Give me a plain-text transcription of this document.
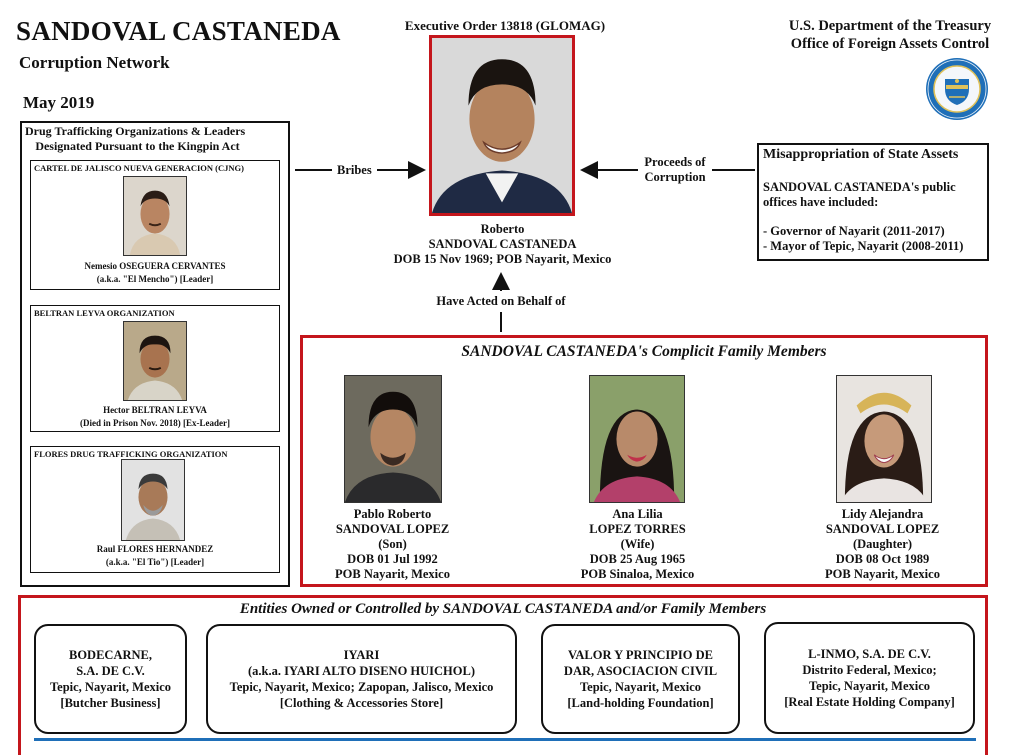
SANDOVAL CASTANEDA
Corruption Network
May 2019
Executive Order 13818 (GLOMAG)	U.S. Department of the Treasury
Office of Foreign Assets Control
Drug Trafficking Organizations & Leaders
Designated Pursuant to the Kingpin Act
CARTEL DE JALISCO NUEVA GENERACION (CJNG)
Nemesio OSEGUERA CERVANTES
(a.k.a. "El Mencho") [Leader]
BELTRAN LEYVA ORGANIZATION
Hector BELTRAN LEYVA
(Died in Prison Nov. 2018) [Ex-Leader]
FLORES DRUG TRAFFICKING ORGANIZATION
Raul FLORES HERNANDEZ
(a.k.a. "El Tio") [Leader]
Roberto
SANDOVAL CASTANEDA
DOB 15 Nov 1969; POB Nayarit, Mexico
Bribes
Proceeds of
Corruption
Have Acted on Behalf of
Misappropriation of State Assets
SANDOVAL CASTANEDA's public
offices have included:
- Governor of Nayarit (2011-2017)
- Mayor of Tepic, Nayarit (2008-2011)
SANDOVAL CASTANEDA's Complicit Family Members
Pablo Roberto
SANDOVAL LOPEZ
(Son)
DOB 01 Jul 1992
POB Nayarit, Mexico
Ana Lilia
LOPEZ TORRES
(Wife)
DOB 25 Aug 1965
POB Sinaloa, Mexico
Lidy Alejandra
SANDOVAL LOPEZ
(Daughter)
DOB 08 Oct 1989
POB Nayarit, Mexico
Entities Owned or Controlled by SANDOVAL CASTANEDA and/or Family Members
BODECARNE,
S.A. DE C.V.
Tepic, Nayarit, Mexico
[Butcher Business]
IYARI
(a.k.a. IYARI ALTO DISENO HUICHOL)
Tepic, Nayarit, Mexico; Zapopan, Jalisco, Mexico
[Clothing & Accessories Store]
VALOR Y PRINCIPIO DE
DAR, ASOCIACION CIVIL
Tepic, Nayarit, Mexico
[Land-holding Foundation]
L-INMO, S.A. DE C.V.
Distrito Federal, Mexico;
Tepic, Nayarit, Mexico
[Real Estate Holding Company]
